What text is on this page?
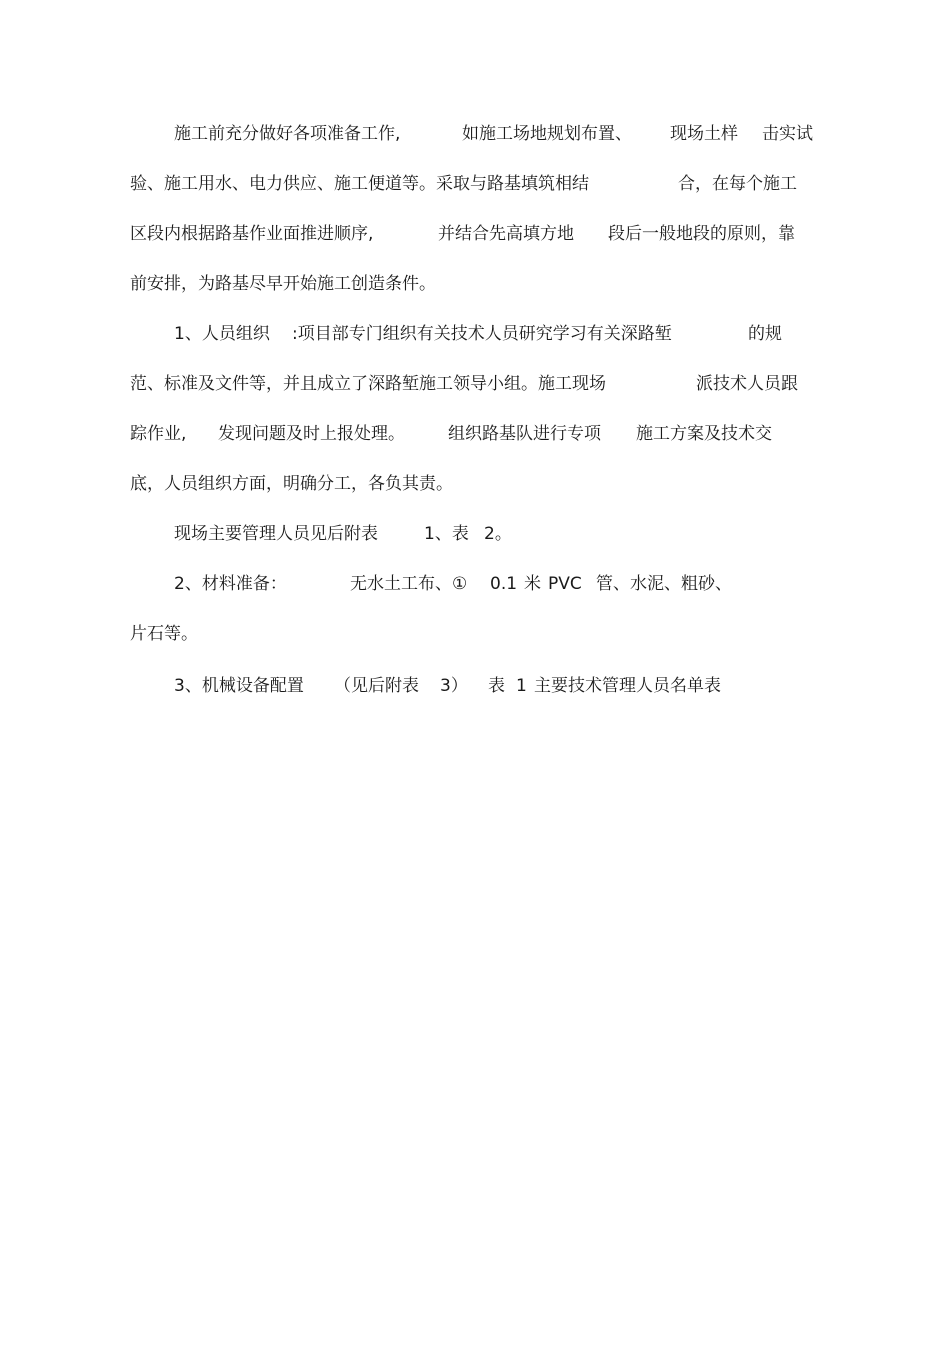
施工前充分做好各项准备工作,	如施工场地规划布置、 现场土样 击实试
验、施工用水、电力供应、施工便道等。采取与路基填筑相结	合，在每个施工
区段内根据路基作业面推进顺序,	并结合先高填方地 段后一般地段的原则，靠
前安排，为路基尽早开始施工创造条件。
1、人员组织 :项目部专门组织有关技术人员研究学习有关深路堑	的规
范、标准及文件等，并且成立了深路堑施工领导小组。施工现场	派技术人员跟
踪作业, 发现问题及时上报处理。	组织路基队进行专项 施工方案及技术交
底，人员组织方面，明确分工，各负其责。
现场主要管理人员见后附表	1、表 2。
2、材料准备：	无水土工布、① 0.1 米 PVC 管、水泥、粗砂、
片石等。
3、机械设备配置 （见后附表 3） 表 1 主要技术管理人员名单表
